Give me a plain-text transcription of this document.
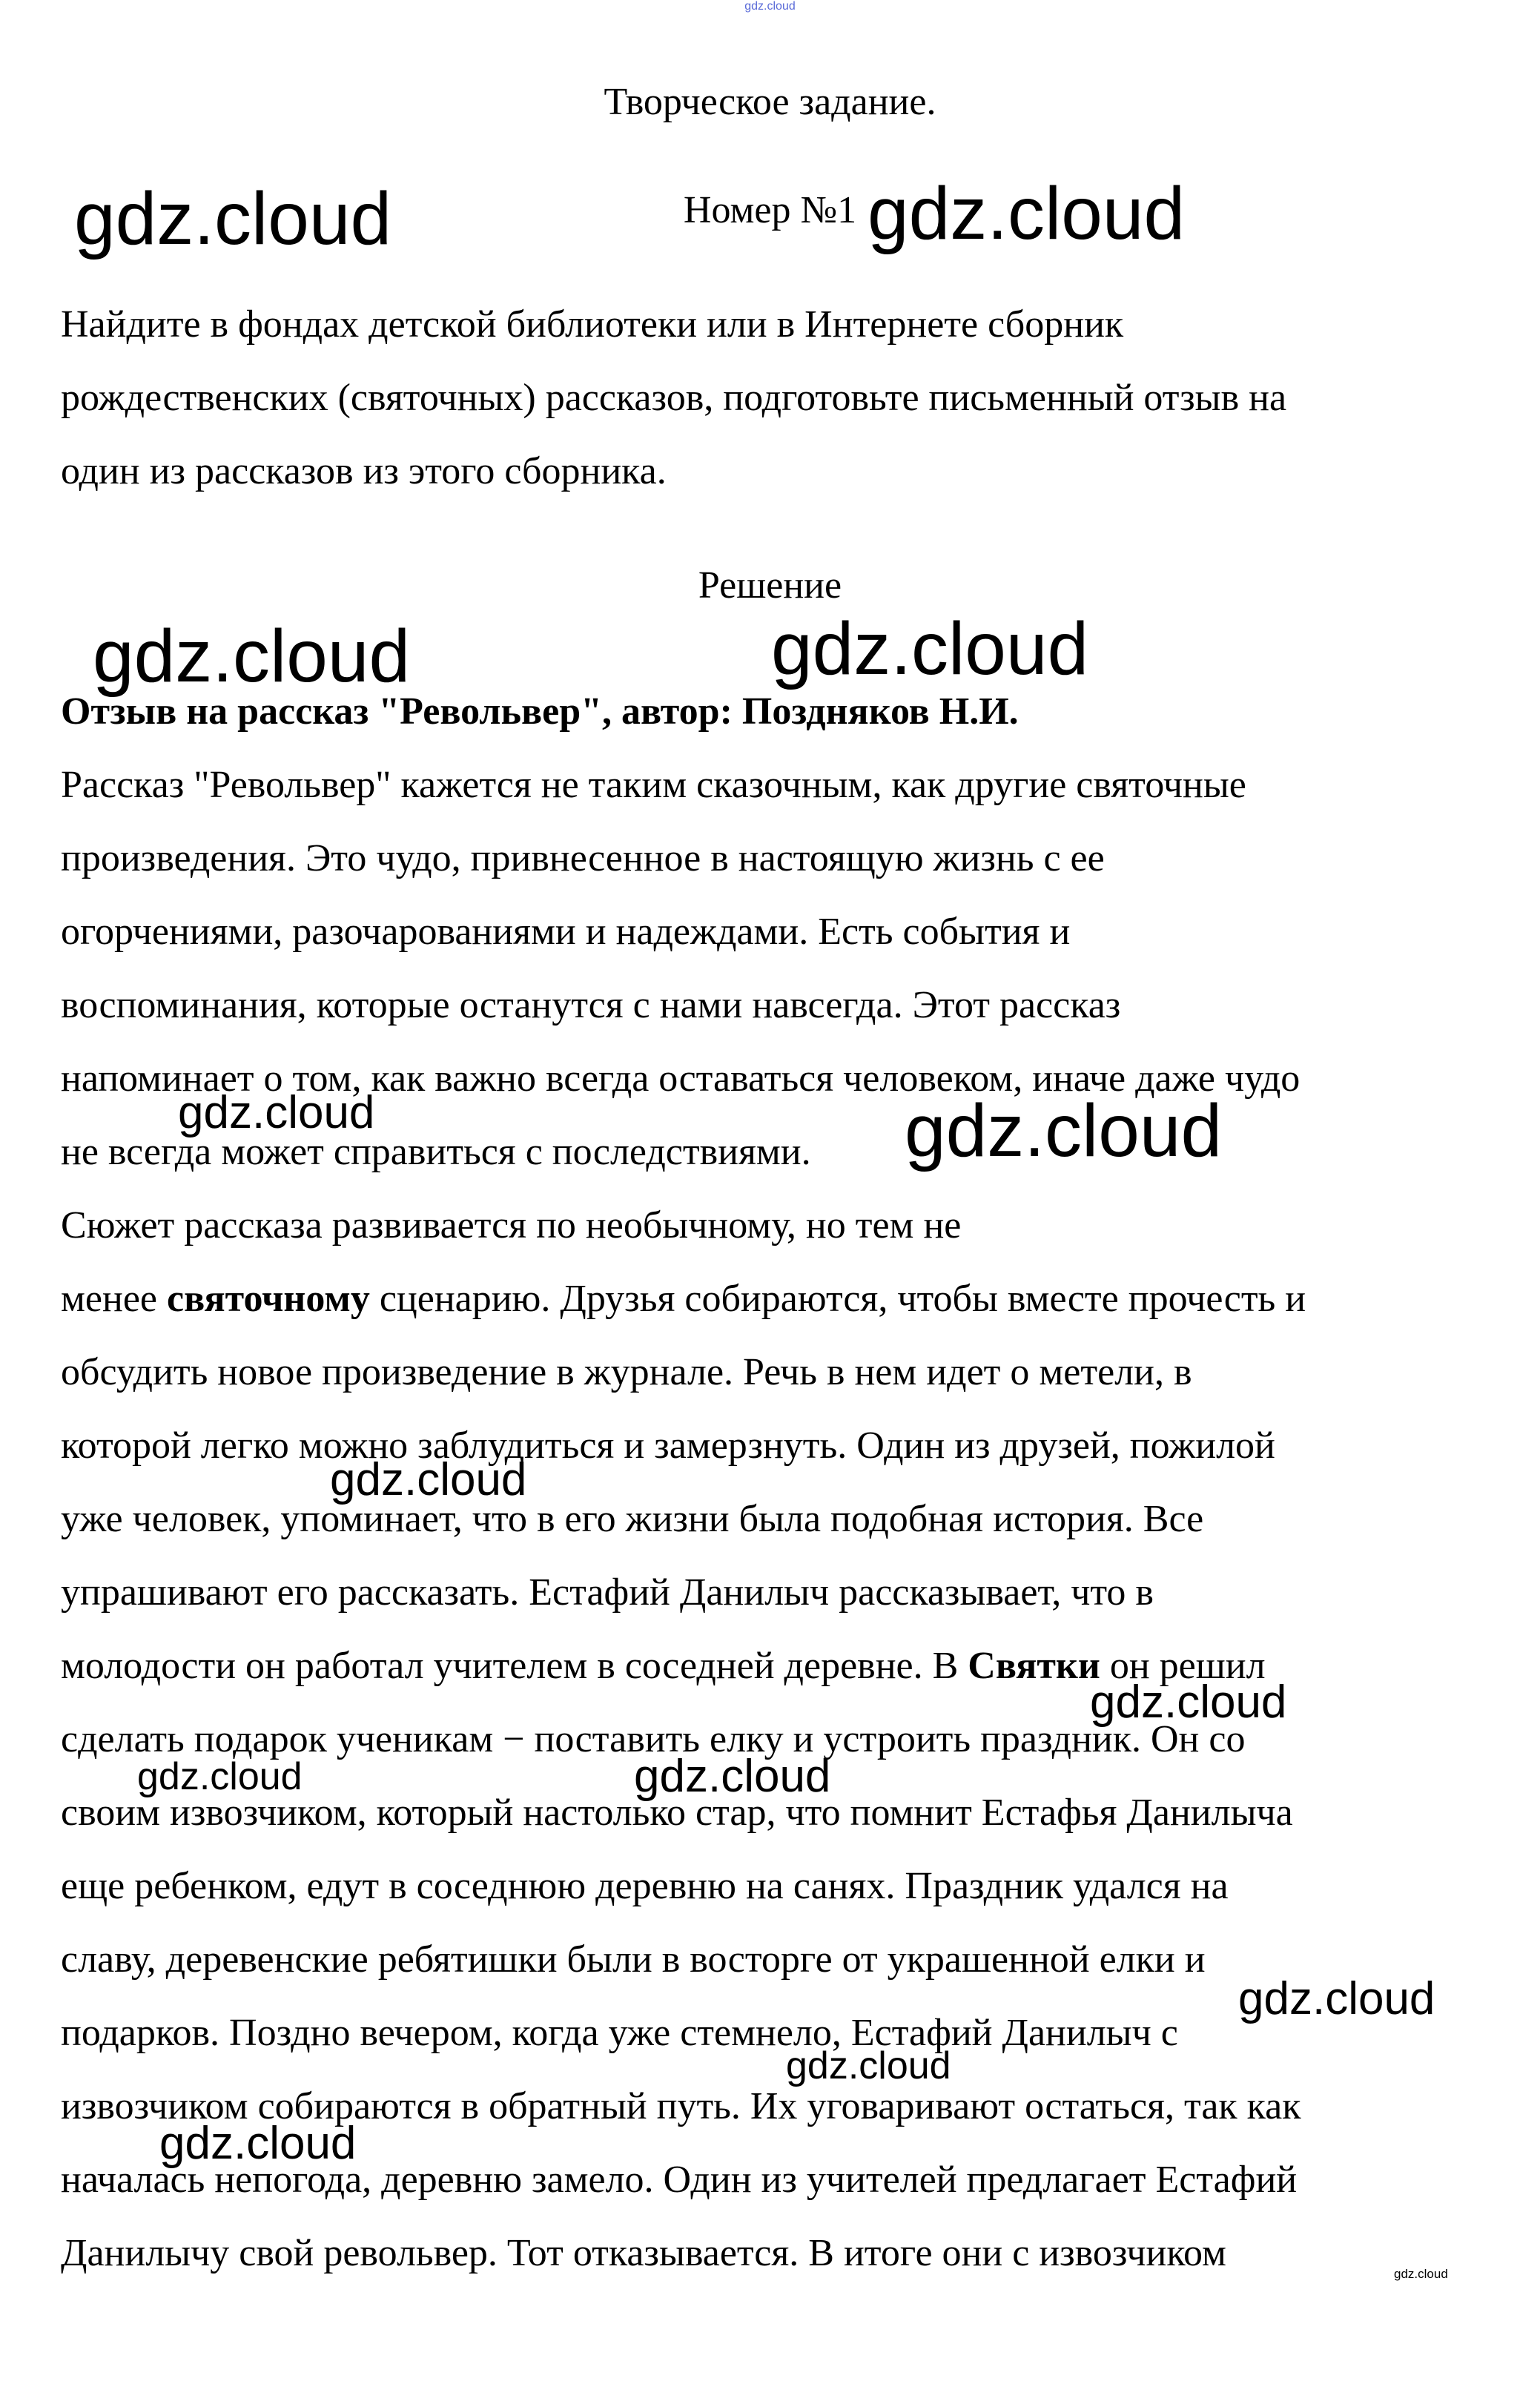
gdz.cloud
Творческое задание.
Номер №1
Найдите в фондах детской библиотеки или в Интернете сборник
рождественских (святочных) рассказов, подготовьте письменный отзыв на
один из рассказов из этого сборника.
Решение
Отзыв на рассказ "Револьвер", автор: Поздняков Н.И.
Рассказ "Револьвер" кажется не таким сказочным, как другие святочные
произведения. Это чудо, привнесенное в настоящую жизнь с ее
огорчениями, разочарованиями и надеждами. Есть события и
воспоминания, которые останутся с нами навсегда. Этот рассказ
напоминает о том, как важно всегда оставаться человеком, иначе даже чудо
не всегда может справиться с последствиями.
Сюжет рассказа развивается по необычному, но тем не
менее святочному сценарию. Друзья собираются, чтобы вместе прочесть и
обсудить новое произведение в журнале. Речь в нем идет о метели, в
которой легко можно заблудиться и замерзнуть. Один из друзей, пожилой
уже человек, упоминает, что в его жизни была подобная история. Все
упрашивают его рассказать. Естафий Данилыч рассказывает, что в
молодости он работал учителем в соседней деревне. В Святки он решил
сделать подарок ученикам − поставить елку и устроить праздник. Он со
своим извозчиком, который настолько стар, что помнит Естафья Данилыча
еще ребенком, едут в соседнюю деревню на санях. Праздник удался на
славу, деревенские ребятишки были в восторге от украшенной елки и
подарков. Поздно вечером, когда уже стемнело, Естафий Данилыч с
извозчиком собираются в обратный путь. Их уговаривают остаться, так как
началась непогода, деревню замело. Один из учителей предлагает Естафий
Данилычу свой револьвер. Тот отказывается. В итоге они с извозчиком
gdz.cloud	gdz.cloud
gdz.cloud	gdz.cloud
gdz.cloud	gdz.cloud
gdz.cloud
gdz.cloud
gdz.cloud	gdz.cloud
gdz.cloud
gdz.cloud
gdz.cloud
gdz.cloud
